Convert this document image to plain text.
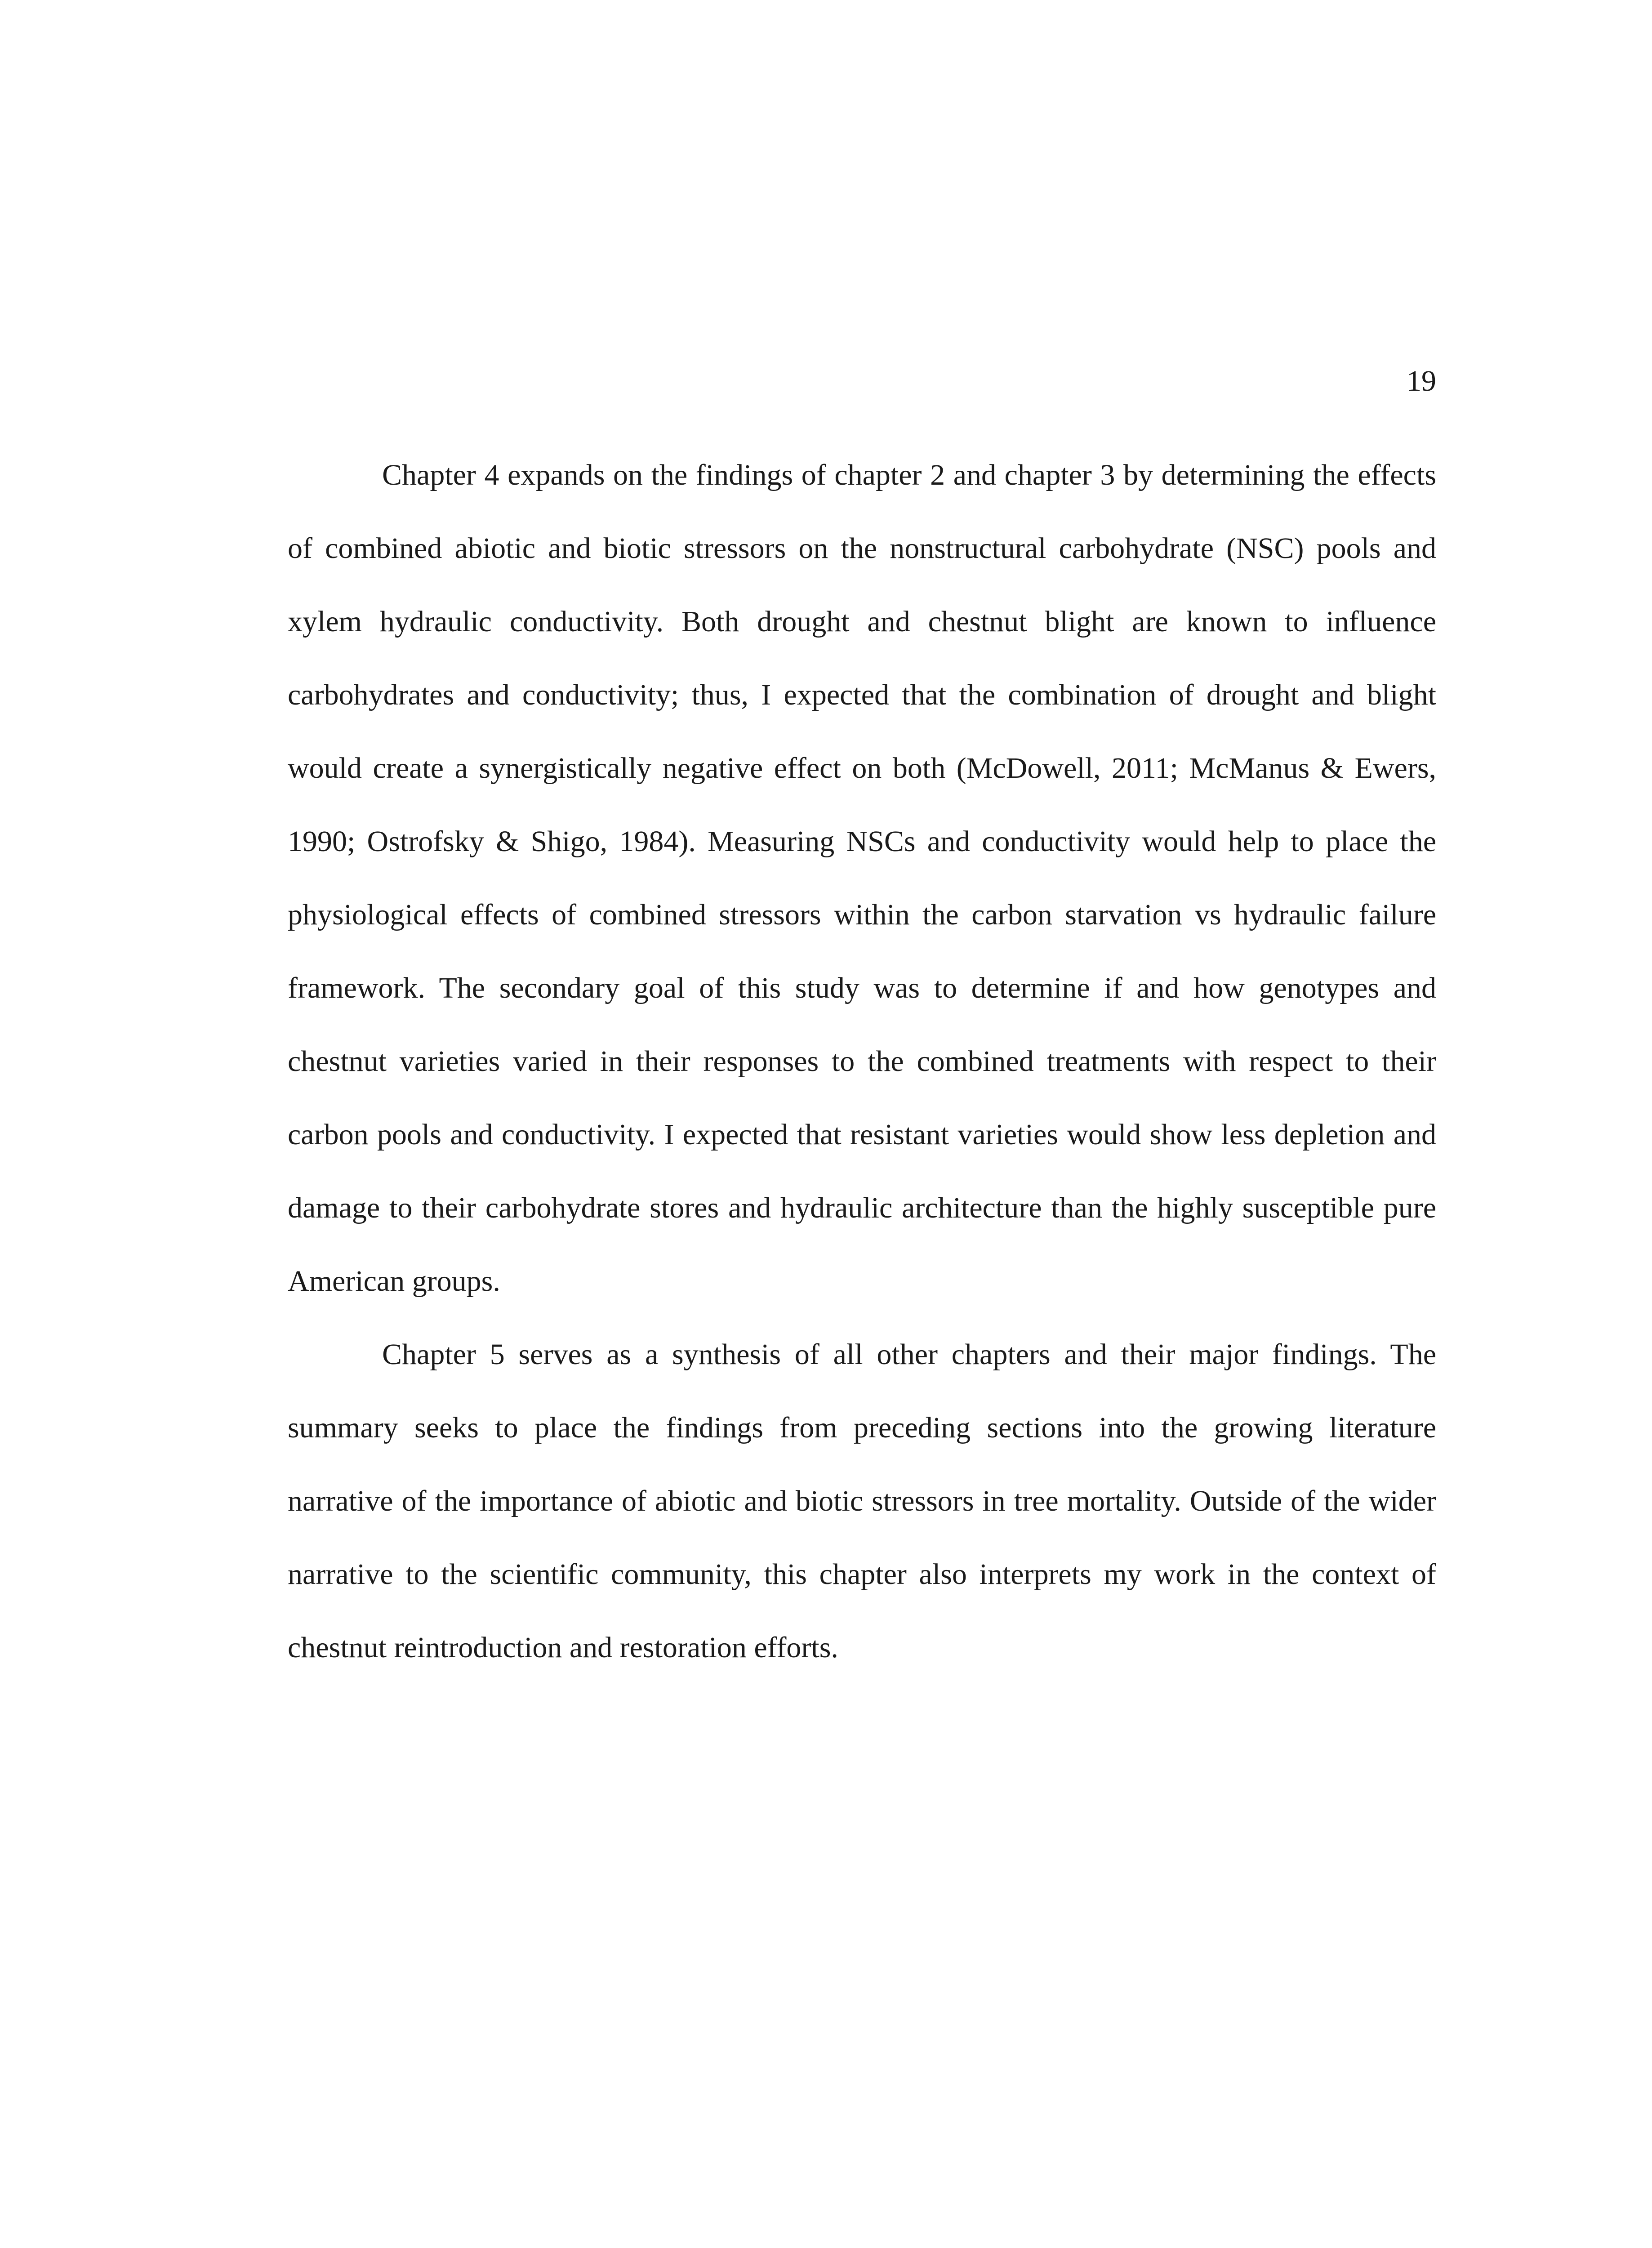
19

Chapter 4 expands on the findings of chapter 2 and chapter 3 by determining the effects of combined abiotic and biotic stressors on the nonstructural carbohydrate (NSC) pools and xylem hydraulic conductivity. Both drought and chestnut blight are known to influence carbohydrates and conductivity; thus, I expected that the combination of drought and blight would create a synergistically negative effect on both (McDowell, 2011; McManus & Ewers, 1990; Ostrofsky & Shigo, 1984). Measuring NSCs and conductivity would help to place the physiological effects of combined stressors within the carbon starvation vs hydraulic failure framework. The secondary goal of this study was to determine if and how genotypes and chestnut varieties varied in their responses to the combined treatments with respect to their carbon pools and conductivity. I expected that resistant varieties would show less depletion and damage to their carbohydrate stores and hydraulic architecture than the highly susceptible pure American groups.

Chapter 5 serves as a synthesis of all other chapters and their major findings. The summary seeks to place the findings from preceding sections into the growing literature narrative of the importance of abiotic and biotic stressors in tree mortality. Outside of the wider narrative to the scientific community, this chapter also interprets my work in the context of chestnut reintroduction and restoration efforts.
